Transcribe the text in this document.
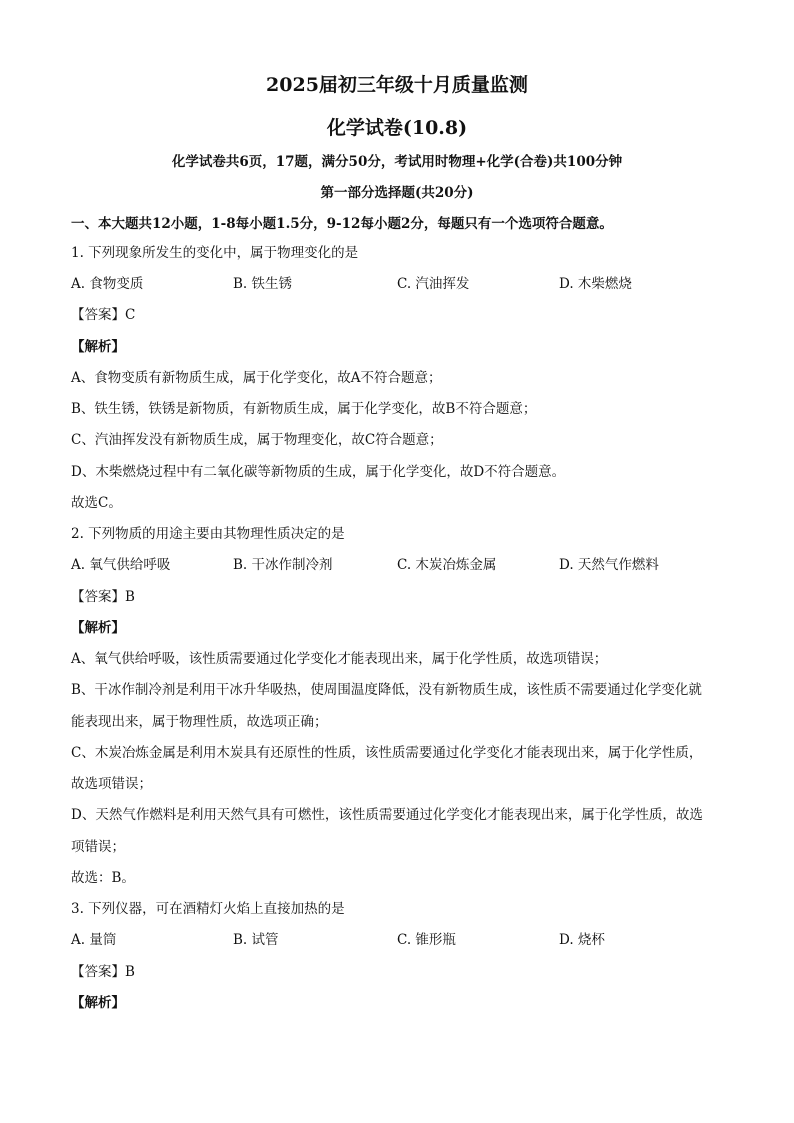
2025届初三年级十月质量监测
化学试卷(10.8)
化学试卷共6页，17题，满分50分，考试用时物理+化学(合卷)共100分钟
第一部分选择题(共20分)
一、本大题共12小题，1-8每小题1.5分，9-12每小题2分，每题只有一个选项符合题意。
1. 下列现象所发生的变化中，属于物理变化的是
A. 食物变质	B. 铁生锈	C. 汽油挥发	D. 木柴燃烧
【答案】C
【解析】
A、食物变质有新物质生成，属于化学变化，故A不符合题意；
B、铁生锈，铁锈是新物质，有新物质生成，属于化学变化，故B不符合题意；
C、汽油挥发没有新物质生成，属于物理变化，故C符合题意；
D、木柴燃烧过程中有二氧化碳等新物质的生成，属于化学变化，故D不符合题意。
故选C。
2. 下列物质的用途主要由其物理性质决定的是
A. 氧气供给呼吸	B. 干冰作制冷剂	C. 木炭冶炼金属	D. 天然气作燃料
【答案】B
【解析】
A、氧气供给呼吸，该性质需要通过化学变化才能表现出来，属于化学性质，故选项错误；
B、干冰作制冷剂是利用干冰升华吸热，使周围温度降低，没有新物质生成，该性质不需要通过化学变化就
能表现出来，属于物理性质，故选项正确；
C、木炭冶炼金属是利用木炭具有还原性的性质，该性质需要通过化学变化才能表现出来，属于化学性质，
故选项错误；
D、天然气作燃料是利用天然气具有可燃性，该性质需要通过化学变化才能表现出来，属于化学性质，故选
项错误；
故选：B。
3. 下列仪器，可在酒精灯火焰上直接加热的是
A. 量筒	B. 试管	C. 锥形瓶	D. 烧杯
【答案】B
【解析】
